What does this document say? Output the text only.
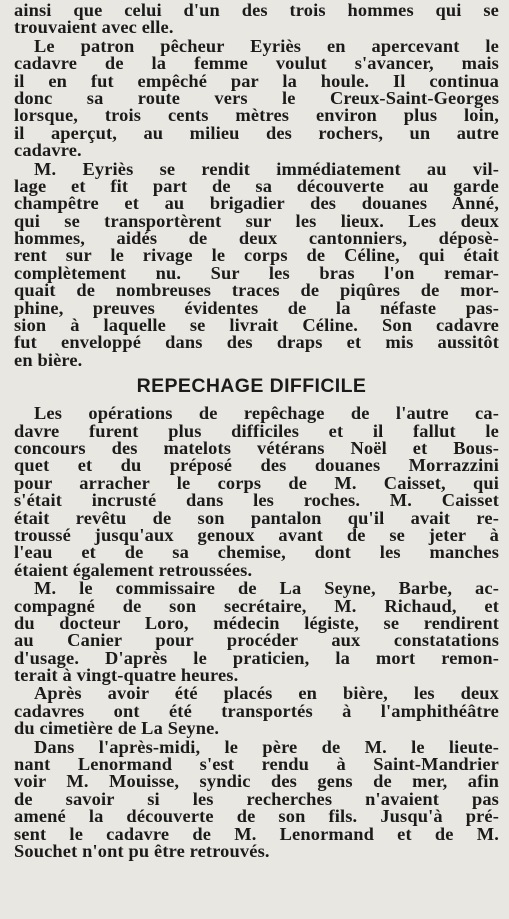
ainsi que celui d'un des trois hommes qui se
trouvaient avec elle.
Le patron pêcheur Eyriès en apercevant le
cadavre de la femme voulut s'avancer, mais
il en fut empêché par la houle. Il continua
donc sa route vers le Creux-Saint-Georges
lorsque, trois cents mètres environ plus loin,
il aperçut, au milieu des rochers, un autre
cadavre.
M. Eyriès se rendit immédiatement au vil-
lage et fit part de sa découverte au garde
champêtre et au brigadier des douanes Anné,
qui se transportèrent sur les lieux. Les deux
hommes, aidés de deux cantonniers, déposè-
rent sur le rivage le corps de Céline, qui était
complètement nu. Sur les bras l'on remar-
quait de nombreuses traces de piqûres de mor-
phine, preuves évidentes de la néfaste pas-
sion à laquelle se livrait Céline. Son cadavre
fut enveloppé dans des draps et mis aussitôt
en bière.
REPECHAGE DIFFICILE
Les opérations de repêchage de l'autre ca-
davre furent plus difficiles et il fallut le
concours des matelots vétérans Noël et Bous-
quet et du préposé des douanes Morrazzini
pour arracher le corps de M. Caisset, qui
s'était incrusté dans les roches. M. Caisset
était revêtu de son pantalon qu'il avait re-
troussé jusqu'aux genoux avant de se jeter à
l'eau et de sa chemise, dont les manches
étaient également retroussées.
M. le commissaire de La Seyne, Barbe, ac-
compagné de son secrétaire, M. Richaud, et
du docteur Loro, médecin légiste, se rendirent
au Canier pour procéder aux constatations
d'usage. D'après le praticien, la mort remon-
terait à vingt-quatre heures.
Après avoir été placés en bière, les deux
cadavres ont été transportés à l'amphithéâtre
du cimetière de La Seyne.
Dans l'après-midi, le père de M. le lieute-
nant Lenormand s'est rendu à Saint-Mandrier
voir M. Mouisse, syndic des gens de mer, afin
de savoir si les recherches n'avaient pas
amené la découverte de son fils. Jusqu'à pré-
sent le cadavre de M. Lenormand et de M.
Souchet n'ont pu être retrouvés.
